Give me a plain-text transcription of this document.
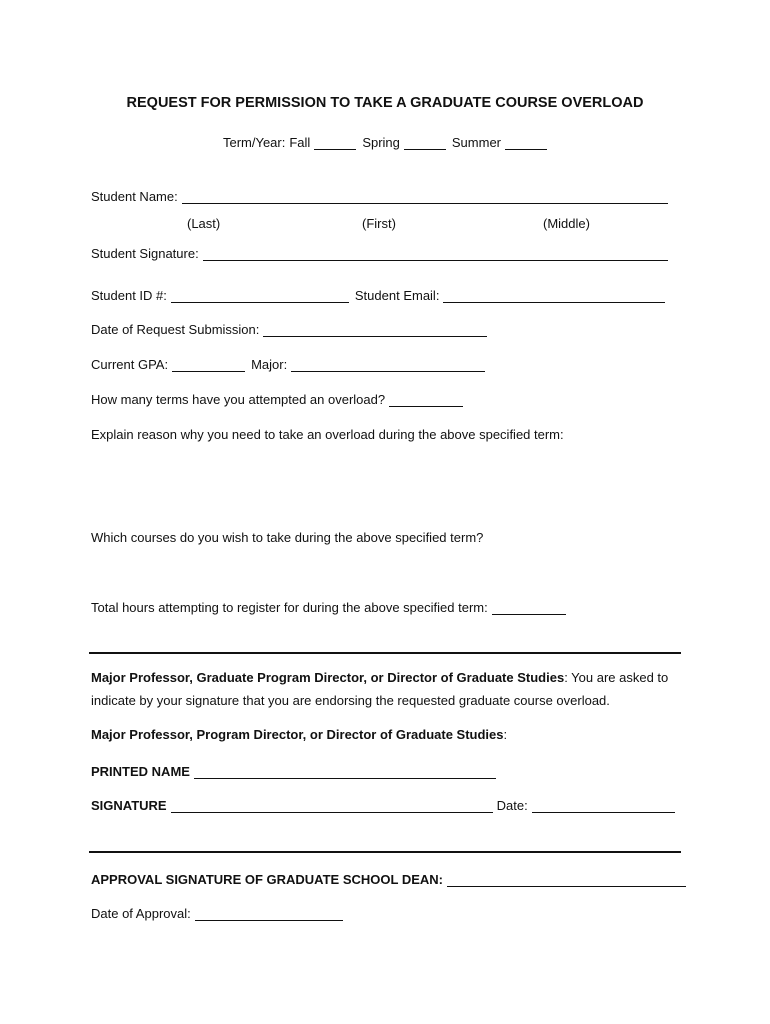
REQUEST FOR PERMISSION TO TAKE A GRADUATE COURSE OVERLOAD
Term/Year: Fall	Spring	Summer
Student Name:
(Last)	(First)	(Middle)
Student Signature:
Student ID #:	Student Email:
Date of Request Submission:
Current GPA:	Major:
How many terms have you attempted an overload?
Explain reason why you need to take an overload during the above specified term:
Which courses do you wish to take during the above specified term?
Total hours attempting to register for during the above specified term:
Major Professor, Graduate Program Director, or Director of Graduate Studies: You are asked to indicate by your signature that you are endorsing the requested graduate course overload.
Major Professor, Program Director, or Director of Graduate Studies:
PRINTED NAME
SIGNATURE	Date:
APPROVAL SIGNATURE OF GRADUATE SCHOOL DEAN:
Date of Approval:
